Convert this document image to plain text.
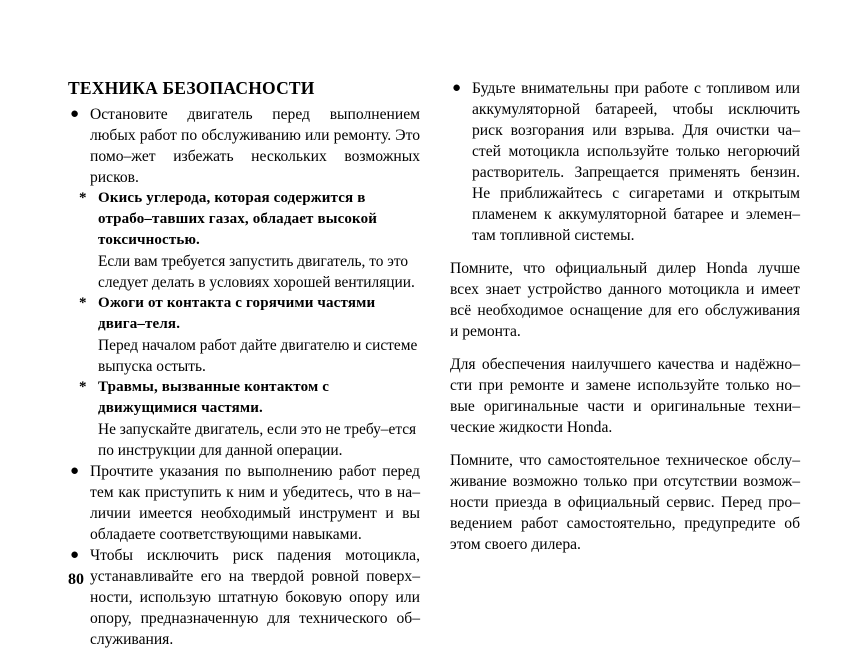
ТЕХНИКА БЕЗОПАСНОСТИ
● Остановите двигатель перед выполнением любых работ по обслуживанию или ремонту. Это помо–жет избежать нескольких возможных рисков.

* Окись углерода, которая содержится в отрабо–тавших газах, обладает высокой токсичностью.

Если вам требуется запустить двигатель, то это следует делать в условиях хорошей вентиляции.

* Ожоги от контакта с горячими частями двига–теля.

Перед началом работ дайте двигателю и системе выпуска остыть.

* Травмы, вызванные контактом с движущимися частями.

Не запускайте двигатель, если это не требу–ется по инструкции для данной операции.

● Прочтите указания по выполнению работ перед тем как приступить к ним и убедитесь, что в на–личии имеется необходимый инструмент и вы обладаете соответствующими навыками.

● Чтобы исключить риск падения мотоцикла, устанавливайте его на твердой ровной поверх–ности, использую штатную боковую опору или опору, предназначенную для технического об–служивания.

● Будьте внимательны при работе с топливом или аккумуляторной батареей, чтобы исключить риск возгорания или взрыва. Для очистки ча–стей мотоцикла используйте только негорючий растворитель. Запрещается применять бензин. Не приближайтесь с сигаретами и открытым пламенем к аккумуляторной батарее и элемен–там топливной системы.

Помните, что официальный дилер Honda лучше всех знает устройство данного мотоцикла и имеет всё необходимое оснащение для его обслуживания и ремонта.

Для обеспечения наилучшего качества и надёжно–сти при ремонте и замене используйте только но–вые оригинальные части и оригинальные техни–ческие жидкости Honda.

Помните, что самостоятельное техническое обслу–живание возможно только при отсутствии возмож–ности приезда в официальный сервис. Перед про–ведением работ самостоятельно, предупредите об этом своего дилера.

80
